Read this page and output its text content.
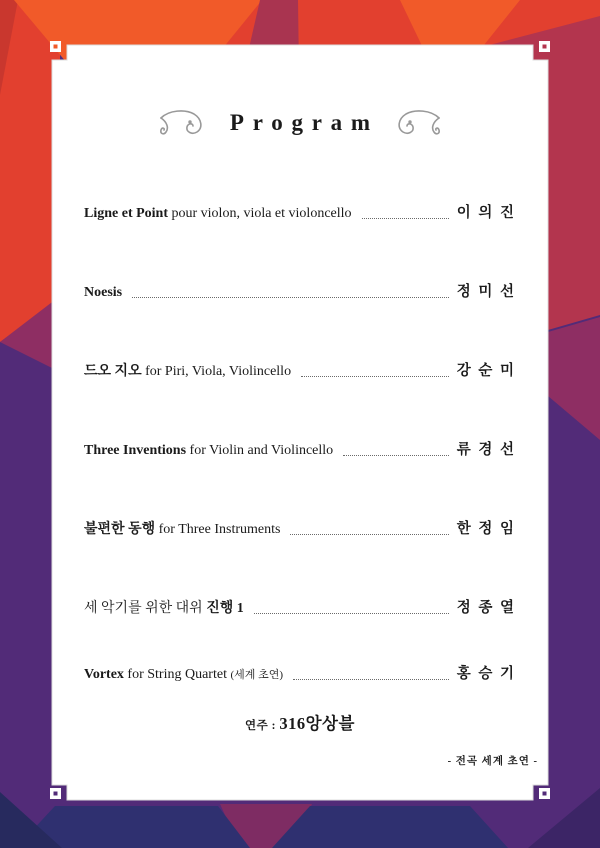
Program
Ligne et Point pour violon, viola et violoncello	이 의 진
Noesis	정 미 선
드오 지오 for Piri, Viola, Violincello	강 순 미
Three Inventions for Violin and Violincello	류 경 선
불편한 동행 for Three Instruments	한 정 임
세 악기를 위한 대위 진행 1	정 종 열
Vortex for String Quartet (세계 초연)	홍 승 기
연주 : 316앙상블
- 전곡 세계 초연 -
